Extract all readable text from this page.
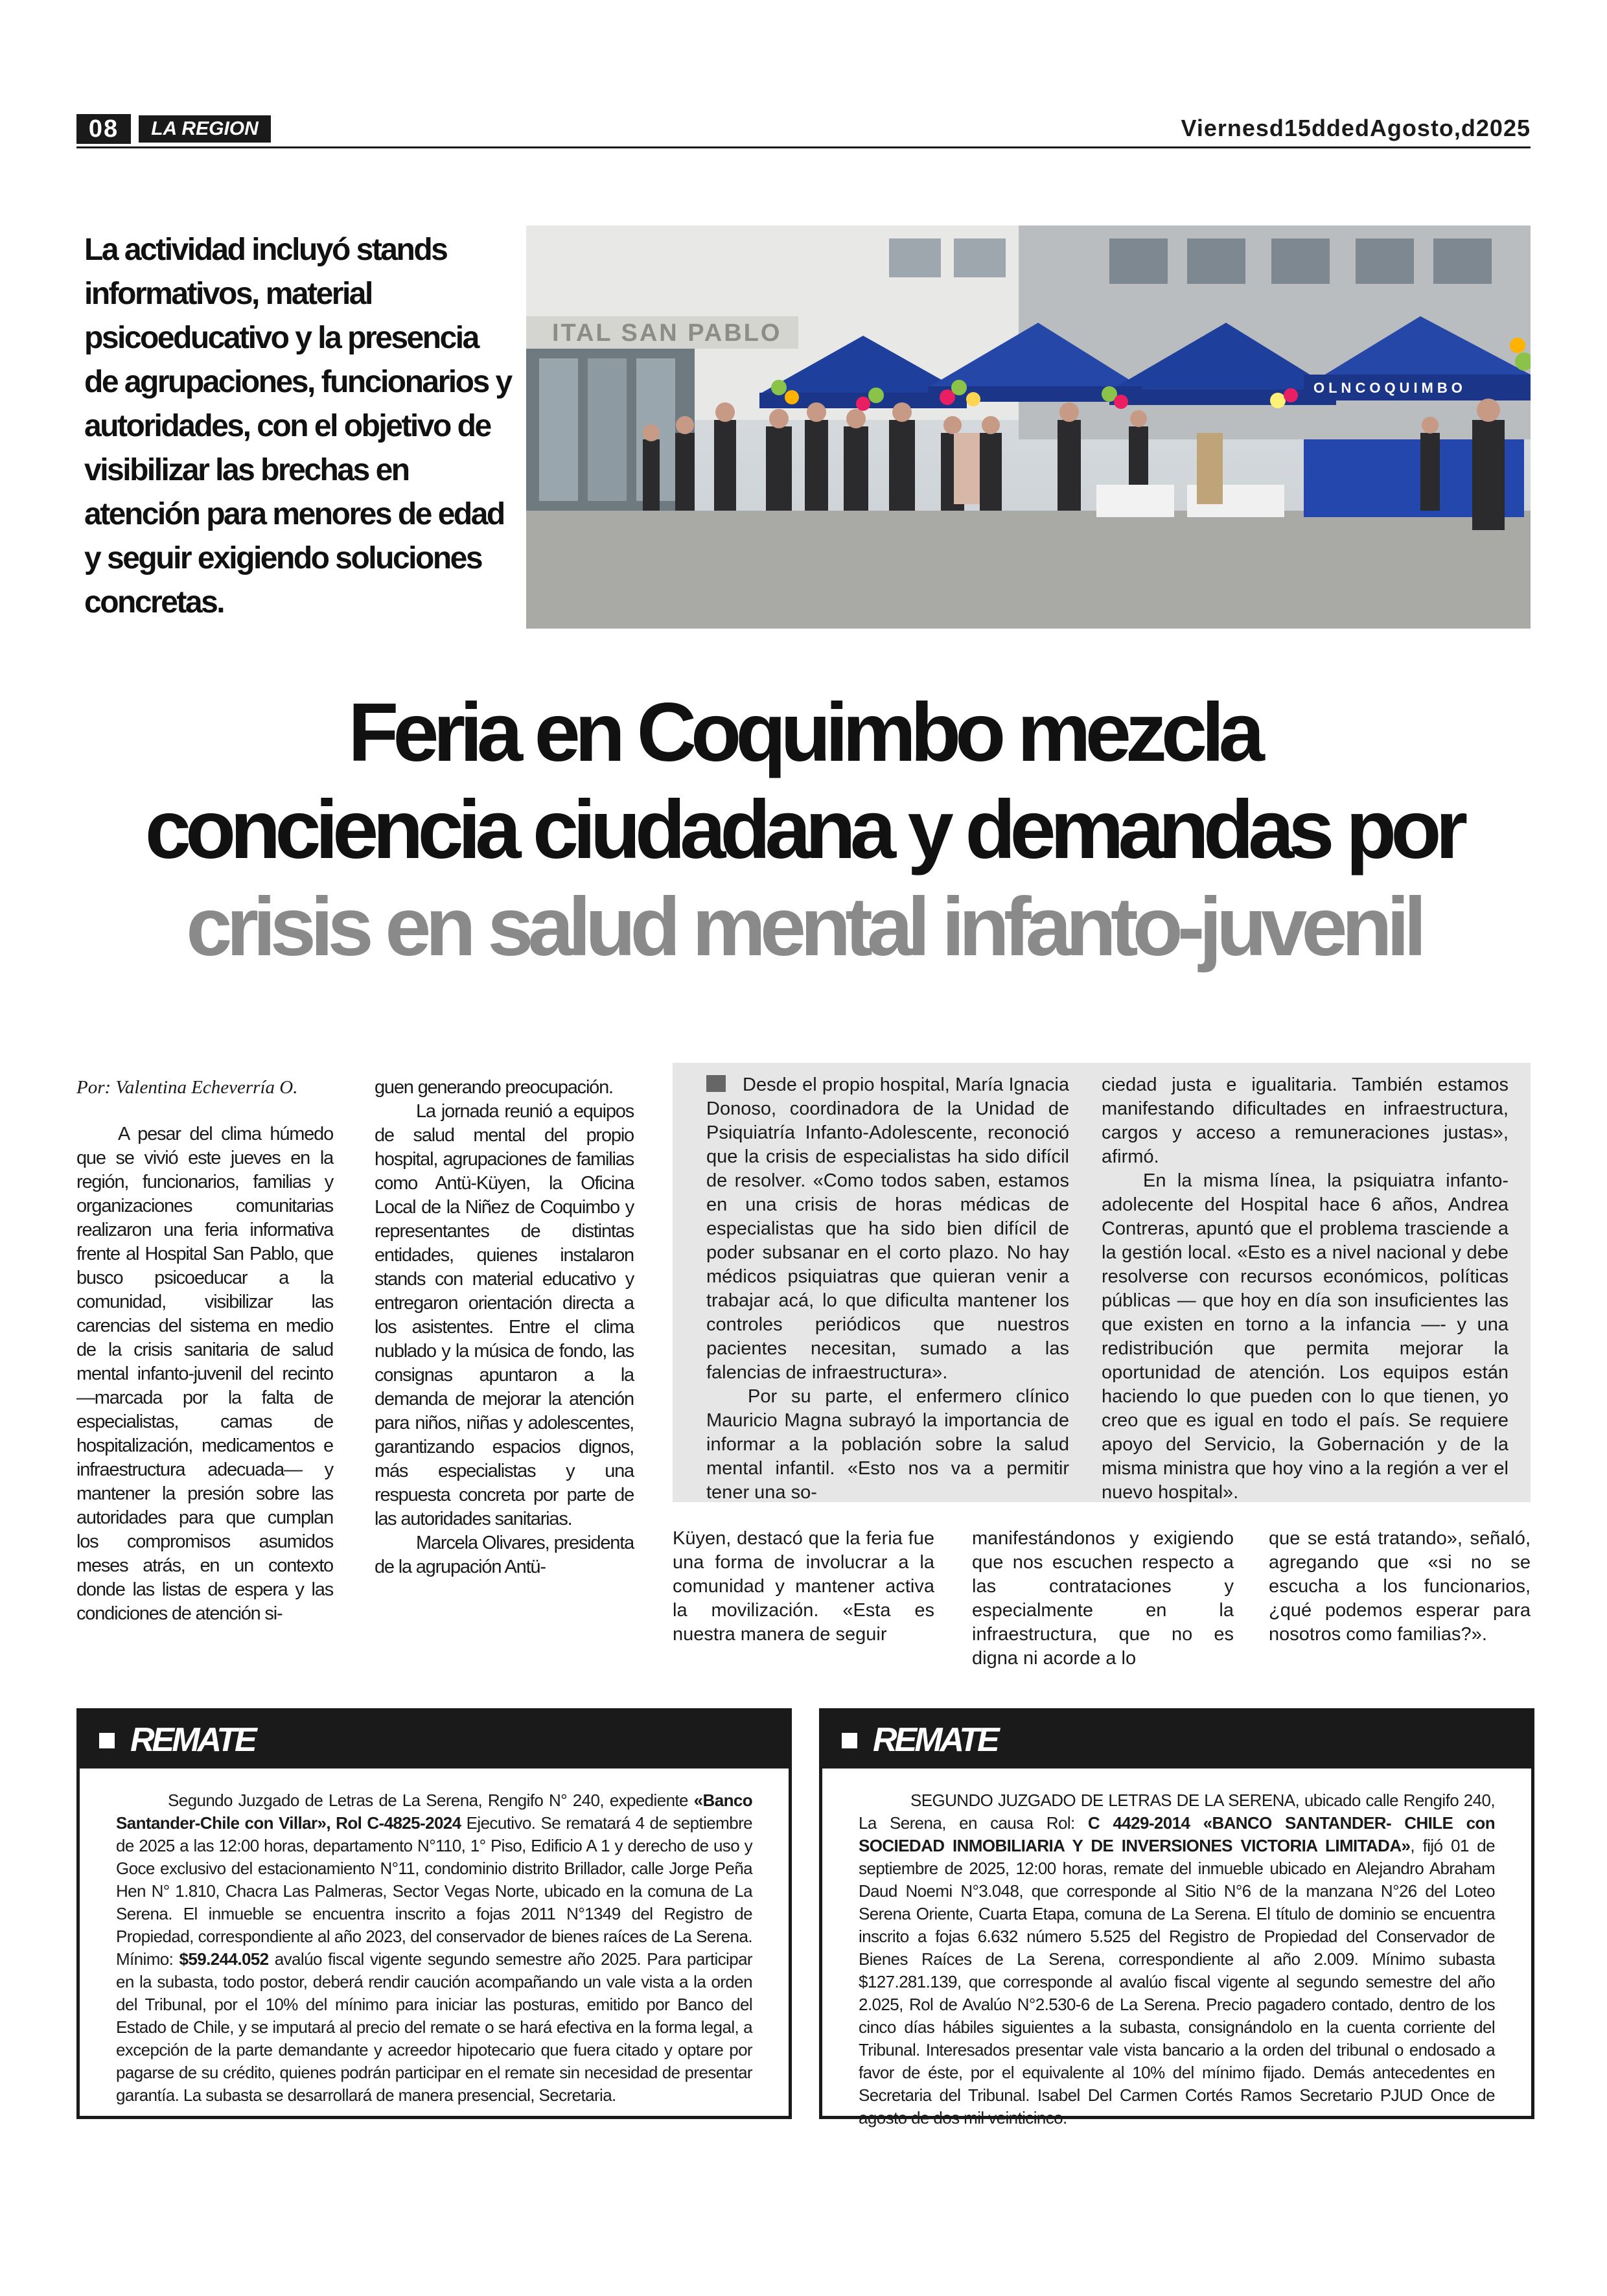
08	LA REGION	Viernesd15ddedAgosto,d2025
La actividad incluyó stands informativos, material psicoeducativo y la presencia de agrupaciones, funcionarios y autoridades, con el objetivo de visibilizar las brechas en atención para menores de edad y seguir exigiendo soluciones concretas.
ITAL SAN PABLO
OLNCOQUIMBO
Feria en Coquimbo mezcla
conciencia ciudadana y demandas por
crisis en salud mental infanto-juvenil
Por: Valentina Echeverría O.

A pesar del clima húmedo que se vivió este jueves en la región, funcionarios, familias y organizaciones comunitarias realizaron una feria informativa frente al Hospital San Pablo, que busco psicoeducar a la comunidad, visibilizar las carencias del sistema en medio de la crisis sanitaria de salud mental infanto-juvenil del recinto —marcada por la falta de especialistas, camas de hospitalización, medicamentos e infraestructura adecuada— y mantener la presión sobre las autoridades para que cumplan los compromisos asumidos meses atrás, en un contexto donde las listas de espera y las condiciones de atención si-

guen generando preocupación.

La jornada reunió a equipos de salud mental del propio hospital, agrupaciones de familias como Antü-Küyen, la Oficina Local de la Niñez de Coquimbo y representantes de distintas entidades, quienes instalaron stands con material educativo y entregaron orientación directa a los asistentes. Entre el clima nublado y la música de fondo, las consignas apuntaron a la demanda de mejorar la atención para niños, niñas y adolescentes, garantizando espacios dignos, más especialistas y una respuesta concreta por parte de las autoridades sanitarias.

Marcela Olivares, presidenta de la agrupación Antü-

Desde el propio hospital, María Ignacia Donoso, coordinadora de la Unidad de Psiquiatría Infanto-Adolescente, reconoció que la crisis de especialistas ha sido difícil de resolver. «Como todos saben, estamos en una crisis de horas médicas de especialistas que ha sido bien difícil de poder subsanar en el corto plazo. No hay médicos psiquiatras que quieran venir a trabajar acá, lo que dificulta mantener los controles periódicos que nuestros pacientes necesitan, sumado a las falencias de infraestructura».

Por su parte, el enfermero clínico Mauricio Magna subrayó la importancia de informar a la población sobre la salud mental infantil. «Esto nos va a permitir tener una so-

ciedad justa e igualitaria. También estamos manifestando dificultades en infraestructura, cargos y acceso a remuneraciones justas», afirmó.

En la misma línea, la psiquiatra infanto-adolecente del Hospital hace 6 años, Andrea Contreras, apuntó que el problema trasciende a la gestión local. «Esto es a nivel nacional y debe resolverse con recursos económicos, políticas públicas — que hoy en día son insuficientes las que existen en torno a la infancia —- y una redistribución que permita mejorar la oportunidad de atención. Los equipos están haciendo lo que pueden con lo que tienen, yo creo que es igual en todo el país. Se requiere apoyo del Servicio, la Gobernación y de la misma ministra que hoy vino a la región a ver el nuevo hospital».

Küyen, destacó que la feria fue una forma de involucrar a la comunidad y mantener activa la movilización. «Esta es nuestra manera de seguir

manifestándonos y exigiendo que nos escuchen respecto a las contrataciones y especialmente en la infraestructura, que no es digna ni acorde a lo

que se está tratando», señaló, agregando que «si no se escucha a los funcionarios, ¿qué podemos esperar para nosotros como familias?».

REMATE
Segundo Juzgado de Letras de La Serena, Rengifo N° 240, expediente «Banco Santander-Chile con Villar», Rol C-4825-2024 Ejecutivo. Se rematará 4 de septiembre de 2025 a las 12:00 horas, departamento N°110, 1° Piso, Edificio A 1 y derecho de uso y Goce exclusivo del estacionamiento N°11, condominio distrito Brillador, calle Jorge Peña Hen N° 1.810, Chacra Las Palmeras, Sector Vegas Norte, ubicado en la comuna de La Serena. El inmueble se encuentra inscrito a fojas 2011 N°1349 del Registro de Propiedad, correspondiente al año 2023, del conservador de bienes raíces de La Serena. Mínimo: $59.244.052 avalúo fiscal vigente segundo semestre año 2025. Para participar en la subasta, todo postor, deberá rendir caución acompañando un vale vista a la orden del Tribunal, por el 10% del mínimo para iniciar las posturas, emitido por Banco del Estado de Chile, y se imputará al precio del remate o se hará efectiva en la forma legal, a excepción de la parte demandante y acreedor hipotecario que fuera citado y optare por pagarse de su crédito, quienes podrán participar en el remate sin necesidad de presentar garantía. La subasta se desarrollará de manera presencial, Secretaria.
REMATE
SEGUNDO JUZGADO DE LETRAS DE LA SERENA, ubicado calle Rengifo 240, La Serena, en causa Rol: C 4429-2014 «BANCO SANTANDER- CHILE con SOCIEDAD INMOBILIARIA Y DE INVERSIONES VICTORIA LIMITADA», fijó 01 de septiembre de 2025, 12:00 horas, remate del inmueble ubicado en Alejandro Abraham Daud Noemi N°3.048, que corresponde al Sitio N°6 de la manzana N°26 del Loteo Serena Oriente, Cuarta Etapa, comuna de La Serena. El título de dominio se encuentra inscrito a fojas 6.632 número 5.525 del Registro de Propiedad del Conservador de Bienes Raíces de La Serena, correspondiente al año 2.009. Mínimo subasta $127.281.139, que corresponde al avalúo fiscal vigente al segundo semestre del año 2.025, Rol de Avalúo N°2.530-6 de La Serena. Precio pagadero contado, dentro de los cinco días hábiles siguientes a la subasta, consignándolo en la cuenta corriente del Tribunal. Interesados presentar vale vista bancario a la orden del tribunal o endosado a favor de éste, por el equivalente al 10% del mínimo fijado. Demás antecedentes en Secretaria del Tribunal. Isabel Del Carmen Cortés Ramos Secretario PJUD Once de agosto de dos mil veinticinco.
